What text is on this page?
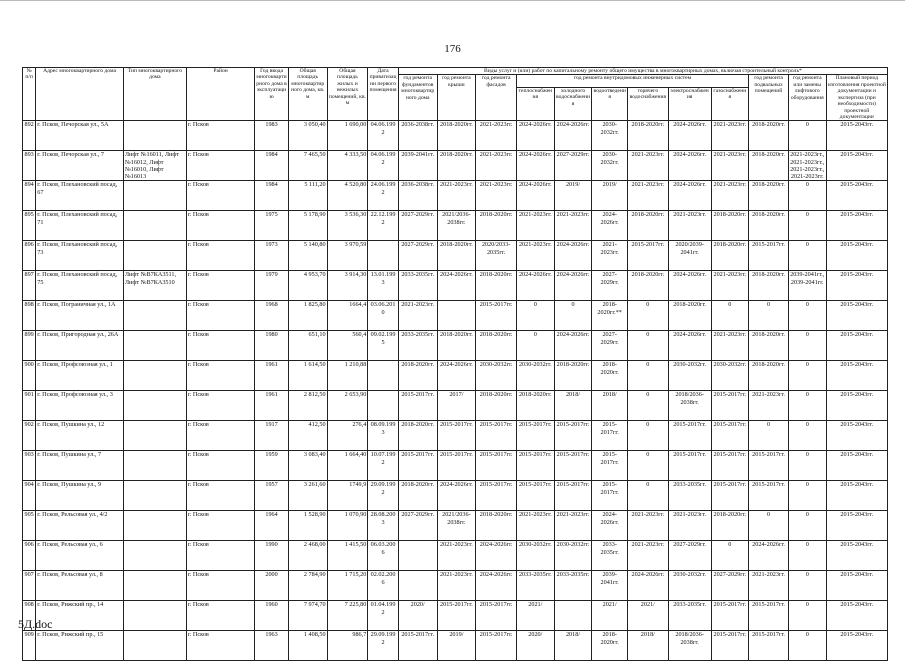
176
№ п/п	Адрес многоквартирного дома	Тип многоквартирного дома	Район	Год ввода многоквартирного дома в эксплуатацию	Общая площадь многоквартирного дома, кв. м	Общая площадь жилых и нежилых помещений, кв. м	Дата приватизации первого помещения	Виды услуг и (или) работ по капитальному ремонту общего имущества в многоквартирных домах, включая строительный контроль*											
								год ремонта фундаментов многоквартирного дома	год ремонта крыши	год ремонта фасадов	год ремонта внутридомовых инженерных систем						год ремонта подвальных помещений	год ремонта или замены лифтового оборудования	Плановый период изготовления проектной документации и экспертиза (при необходимости) проектной документации
											теплоснабжения	холодного водоснабжения	водоотведения	горячего водоснабжения	электроснабжения	газоснабжения			
892	г. Псков, Печорская ул., 5А		г. Псков	1983	3 050,40	1 690,00	04.06.1992	2036-2038гг.	2018-2020гг.	2021-2023гг.	2024-2026гг.	2024-2026гг.	2030-2032гг.	2018-2020гг.	2024-2026гг.	2021-2023гг.	2018-2020гг.	0	2015-2043гг.
893	г. Псков, Печорская ул., 7	Лифт №16011, Лифт №16012, Лифт №16010, Лифт №16013	г. Псков	1984	7 465,50	4 333,50	04.06.1992	2039-2041гг.	2018-2020гг.	2021-2023гг.	2024-2026гг.	2027-2029гг.	2030-2032гг.	2021-2023гг.	2024-2026гг.	2021-2023гг.	2018-2020гг.	2021-2023гг., 2021-2023гг., 2021-2023гг., 2021-2023гг.	2015-2043гг.
894	г. Псков, Плехановский посад, 67		г. Псков	1984	5 111,20	4 520,80	24.06.1992	2036-2038гг.	2021-2023гг.	2021-2023гг.	2024-2026гг.	2019/	2019/	2021-2023гг.	2024-2026гг.	2021-2023гг.	2018-2020гг.	0	2015-2043гг.
895	г. Псков, Плехановский посад, 71		г. Псков	1975	5 178,90	3 536,30	22.12.1992	2027-2029гг.	2021/2036-2038гг.	2018-2020гг.	2021-2023гг.	2021-2023гг.	2024-2026гг.	2018-2020гг.	2021-2023гг.	2018-2020гг.	2018-2020гг.	0	2015-2043гг.
896	г. Псков, Плехановский посад, 73		г. Псков	1973	5 140,80	3 970,59		2027-2029гг.	2018-2020гг.	2020/2033-2035гг.	2021-2023гг.	2024-2026гг.	2021-2023гг.	2015-2017гг.	2020/2039-2041гг.	2018-2020гг.	2015-2017гг.	0	2015-2043гг.
897	г. Псков, Плехановский посад, 75	Лифт №В7КА3511, Лифт №В7КА3510	г. Псков	1979	4 953,70	3 914,30	13.01.1993	2033-2035гг.	2024-2026гг.	2018-2020гг.	2024-2026гг.	2024-2026гг.	2027-2029гг.	2018-2020гг.	2024-2026гг.	2021-2023гг.	2018-2020гг.	2039-2041гг., 2039-2041гг.	2015-2043гг.
898	г. Псков, Пограничная ул., 1А		г. Псков	1968	1 825,80	1664,4	03.06.2010	2021-2023гг.		2015-2017гг.	0	0	2018-2020гг.**	0	2018-2020гг.	0	0	0	2015-2043гг.
899	г. Псков, Пригородная ул., 26А		г. Псков	1980	651,10	560,4	09.02.1995	2033-2035гг.	2018-2020гг.	2018-2020гг.	0	2024-2026гг.	2027-2029гг.	0	2024-2026гг.	2021-2023гг.	2018-2020гг.	0	2015-2043гг.
900	г. Псков, Профсоюзная ул., 1		г. Псков	1961	1 614,50	1 210,88		2018-2020гг.	2024-2026гг.	2030-2032гг.	2030-2032гг.	2018-2020гг.	2018-2020гг.	0	2030-2032гг.	2030-2032гг.	2018-2020гг.	0	2015-2043гг.
901	г. Псков, Профсоюзная ул., 3		г. Псков	1961	2 812,50	2 653,90		2015-2017гг.	2017/	2018-2020гг.	2018-2020гг.	2018/	2018/	0	2018/2036-2038гг.	2015-2017гг.	2021-2023гг.	0	2015-2043гг.
902	г. Псков, Пушкина ул., 12		г. Псков	1917	412,50	276,4	08.09.1993	2018-2020гг.	2015-2017гг.	2015-2017гг.	2015-2017гг.	2015-2017гг.	2015-2017гг.	0	2015-2017гг.	2015-2017гг.	0	0	2015-2043гг.
903	г. Псков, Пушкина ул., 7		г. Псков	1959	3 083,40	1 664,40	10.07.1992	2015-2017гг.	2015-2017гг.	2015-2017гг.	2015-2017гг.	2015-2017гг.	2015-2017гг.	0	2015-2017гг.	2015-2017гг.	2015-2017гг.	0	2015-2043гг.
904	г. Псков, Пушкина ул., 9		г. Псков	1957	3 261,60	1749,9	29.09.1992	2018-2020гг.	2024-2026гг.	2015-2017гг.	2015-2017гг.	2015-2017гг.	2015-2017гг.	0	2033-2035гг.	2015-2017гг.	2015-2017гг.	0	2015-2043гг.
905	г. Псков, Рельсовая ул., 4/2		г. Псков	1964	1 528,90	1 070,90	28.08.2003	2027-2029гг.	2021/2036-2038гг.	2018-2020гг.	2021-2023гг.	2021-2023гг.	2024-2026гг.	2021-2023гг.	2021-2023гг.	2018-2020гг.	0	0	2015-2043гг.
906	г. Псков, Рельсовая ул., 6		г. Псков	1990	2 468,00	1 415,50	06.03.2006		2021-2023гг.	2024-2026гг.	2030-2032гг.	2030-2032гг.	2033-2035гг.	2021-2023гг.	2027-2029гг.	0	2024-2026гг.	0	2015-2043гг.
907	г. Псков, Рельсовая ул., 8		г. Псков	2000	2 784,90	1 715,20	02.02.2006		2021-2023гг.	2024-2026гг.	2033-2035гг.	2033-2035гг.	2039-2041гг.	2024-2026гг.	2030-2032гг.	2027-2029гг.	2021-2023гг.	0	2015-2043гг.
908	г. Псков, Рижский пр., 14		г. Псков	1960	7 974,70	7 225,80	01.04.1992	2020/	2015-2017гг.	2015-2017гг.	2021/		2021/	2021/	2033-2035гг.	2015-2017гг.	2015-2017гг.	0	2015-2043гг.
909	г. Псков, Рижский пр., 15		г. Псков	1963	1 408,50	986,7	29.09.1992	2015-2017гг.	2019/	2015-2017гг.	2020/	2018/	2018-2020гг.	2018/	2018/2036-2038гг.	2015-2017гг.	2015-2017гг.	0	2015-2043гг.
5Д.doc
